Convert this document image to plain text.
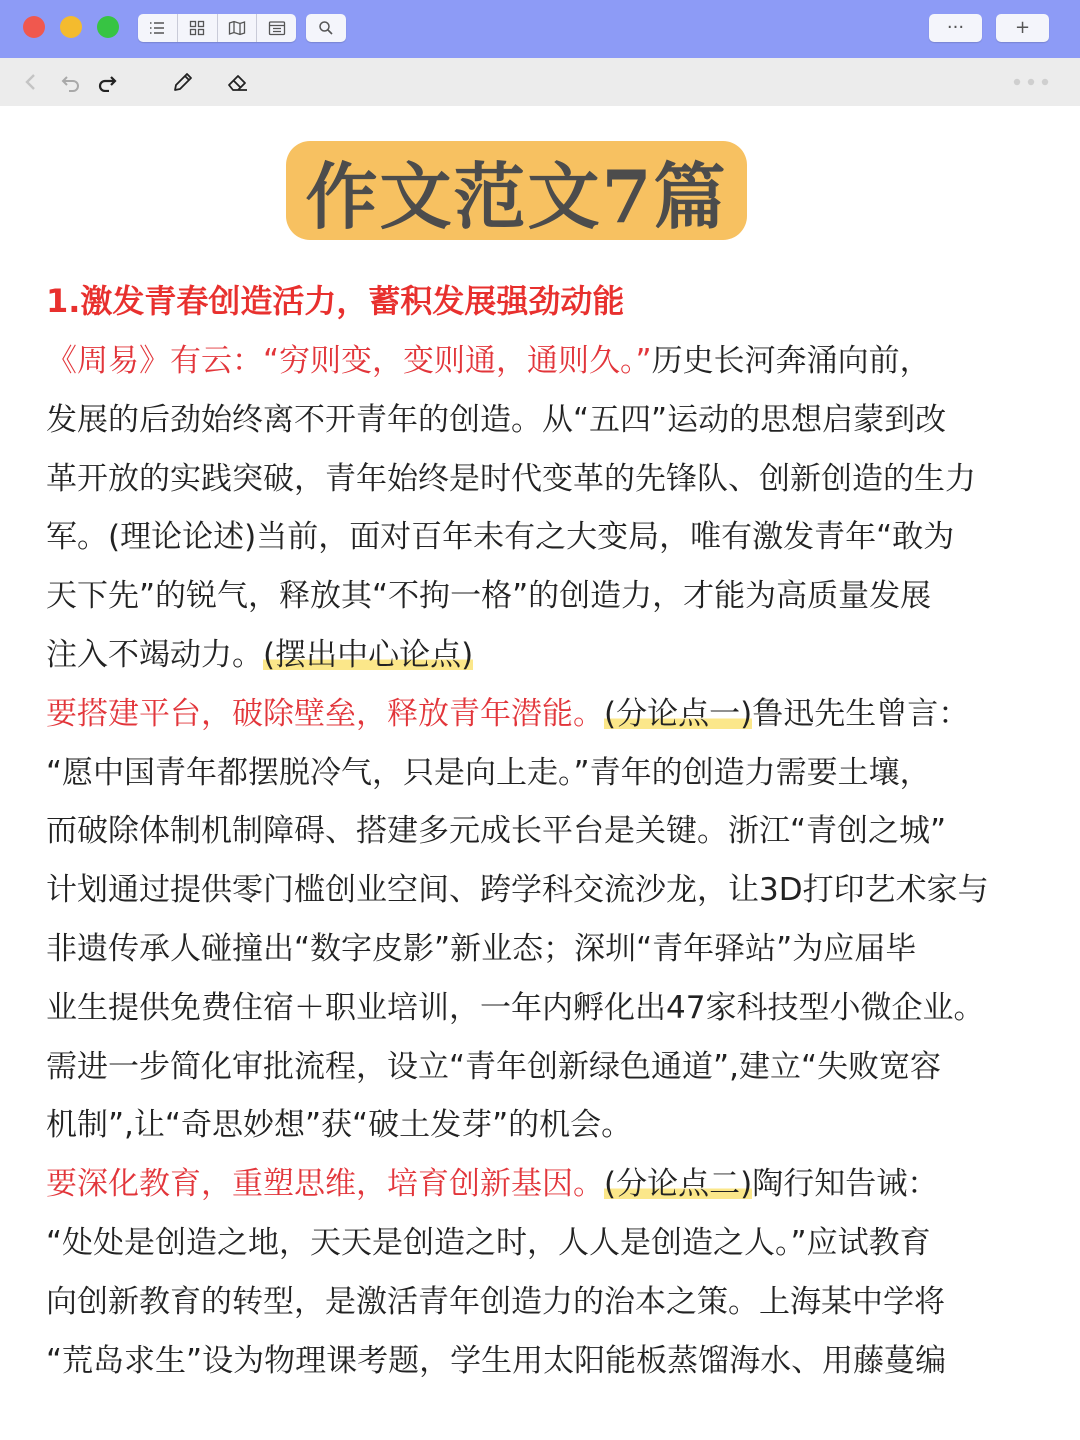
···	+
作文范文7篇
1.激发青春创造活力，蓄积发展强劲动能
《周易》有云：“穷则变，变则通，通则久。”历史长河奔涌向前，
发展的后劲始终离不开青年的创造。从“五四”运动的思想启蒙到改
革开放的实践突破，青年始终是时代变革的先锋队、创新创造的生力
军。(理论论述)当前，面对百年未有之大变局，唯有激发青年“敢为
天下先”的锐气，释放其“不拘一格”的创造力，才能为高质量发展
注入不竭动力。(摆出中心论点)
要搭建平台，破除壁垒，释放青年潜能。(分论点一)鲁迅先生曾言：
“愿中国青年都摆脱冷气，只是向上走。”青年的创造力需要土壤，
而破除体制机制障碍、搭建多元成长平台是关键。浙江“青创之城”
计划通过提供零门槛创业空间、跨学科交流沙龙，让3D打印艺术家与
非遗传承人碰撞出“数字皮影”新业态；深圳“青年驿站”为应届毕
业生提供免费住宿＋职业培训，一年内孵化出47家科技型小微企业。
需进一步简化审批流程，设立“青年创新绿色通道”,建立“失败宽容
机制”,让“奇思妙想”获“破土发芽”的机会。
要深化教育，重塑思维，培育创新基因。(分论点二)陶行知告诫：
“处处是创造之地，天天是创造之时，人人是创造之人。”应试教育
向创新教育的转型，是激活青年创造力的治本之策。上海某中学将
“荒岛求生”设为物理课考题，学生用太阳能板蒸馏海水、用藤蔓编
